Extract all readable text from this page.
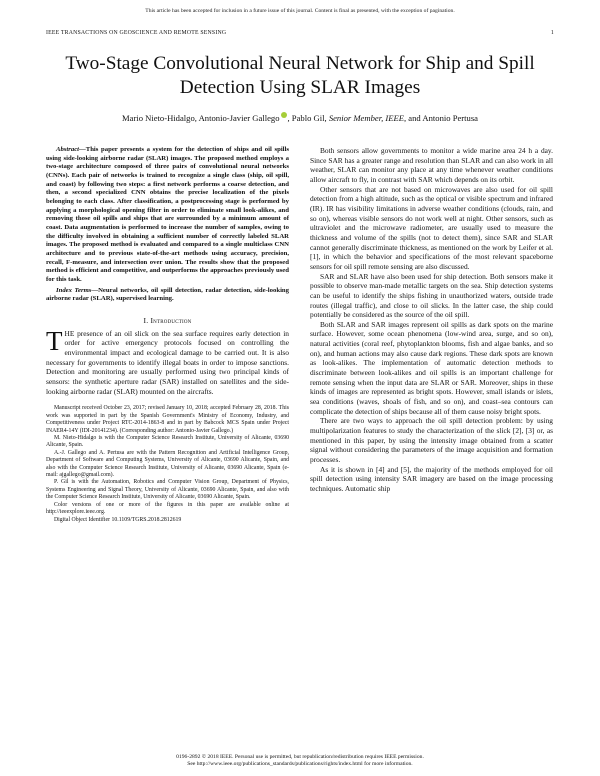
This article has been accepted for inclusion in a future issue of this journal. Content is final as presented, with the exception of pagination.
IEEE TRANSACTIONS ON GEOSCIENCE AND REMOTE SENSING	1
Two-Stage Convolutional Neural Network for Ship and Spill Detection Using SLAR Images
Mario Nieto-Hidalgo, Antonio-Javier Gallego , Pablo Gil, Senior Member, IEEE, and Antonio Pertusa

Abstract—This paper presents a system for the detection of ships and oil spills using side-looking airborne radar (SLAR) images. The proposed method employs a two-stage architecture composed of three pairs of convolutional neural networks (CNNs). Each pair of networks is trained to recognize a single class (ship, oil spill, and coast) by following two steps: a first network performs a coarse detection, and then, a second specialized CNN obtains the precise localization of the pixels belonging to each class. After classification, a postprocessing stage is performed by applying a morphological opening filter in order to eliminate small look-alikes, and removing those oil spills and ships that are surrounded by a minimum amount of coast. Data augmentation is performed to increase the number of samples, owing to the difficulty involved in obtaining a sufficient number of correctly labeled SLAR images. The proposed method is evaluated and compared to a single multiclass CNN architecture and to previous state-of-the-art methods using accuracy, precision, recall, F-measure, and intersection over union. The results show that the proposed method is efficient and competitive, and outperforms the approaches previously used for this task.

Index Terms—Neural networks, oil spill detection, radar detection, side-looking airborne radar (SLAR), supervised learning.

I. Introduction

THE presence of an oil slick on the sea surface requires early detection in order for active emergency protocols focused on controlling the environmental impact and ecological damage to be carried out. It is also necessary for governments to identify illegal boats in order to impose sanctions. Detection and monitoring are usually performed using two principal kinds of sensors: the synthetic aperture radar (SAR) installed on satellites and the side-looking airborne radar (SLAR) mounted on the aircrafts.

Manuscript received October 23, 2017; revised January 10, 2018; accepted February 28, 2018. This work was supported in part by the Spanish Government's Ministry of Economy, Industry, and Competitiveness under Project RTC-2014-1863-8 and in part by Babcock MCS Spain under Project INAER4-14Y (IDI-20141234). (Corresponding author: Antonio-Javier Gallego.)

M. Nieto-Hidalgo is with the Computer Science Research Institute, University of Alicante, 03690 Alicante, Spain.

A.-J. Gallego and A. Pertusa are with the Pattern Recognition and Artificial Intelligence Group, Department of Software and Computing Systems, University of Alicante, 03690 Alicante, Spain, and also with the Computer Science Research Institute, University of Alicante, 03690 Alicante, Spain (e-mail: ajgallego@gmail.com).

P. Gil is with the Automation, Robotics and Computer Vision Group, Department of Physics, Systems Engineering and Signal Theory, University of Alicante, 03690 Alicante, Spain, and also with the Computer Science Research Institute, University of Alicante, 03690 Alicante, Spain.

Color versions of one or more of the figures in this paper are available online at http://ieeexplore.ieee.org.

Digital Object Identifier 10.1109/TGRS.2018.2812619

Both sensors allow governments to monitor a wide marine area 24 h a day. Since SAR has a greater range and resolution than SLAR and can also work in all weather, SLAR can monitor any place at any time whenever weather conditions allow aircraft to fly, in contrast with SAR which depends on its orbit.

Other sensors that are not based on microwaves are also used for oil spill detection from a high altitude, such as the optical or visible spectrum and infrared (IR). IR has visibility limitations in adverse weather conditions (clouds, rain, and so on), whereas visible sensors do not work well at night. Other sensors, such as ultraviolet and the microwave radiometer, are usually used to measure the thickness and volume of the spills (not to detect them), since SAR and SLAR cannot generally discriminate thickness, as mentioned on the work by Leifer et al. [1], in which the behavior and specifications of the most relevant spaceborne sensors for oil spill remote sensing are also discussed.

SAR and SLAR have also been used for ship detection. Both sensors make it possible to observe man-made metallic targets on the sea. Ship detection systems can be useful to identify the ships fishing in unauthorized waters, outside trade routes (illegal traffic), and close to oil slicks. In the latter case, the ship could potentially be considered as the source of the oil spill.

Both SLAR and SAR images represent oil spills as dark spots on the marine surface. However, some ocean phenomena (low-wind area, surge, and so on), natural activities (coral reef, phytoplankton blooms, fish and algae banks, and so on), and human actions may also cause dark regions. These dark spots are known as look-alikes. The implementation of automatic detection methods to discriminate between look-alikes and oil spills is an important challenge for remote sensing when the input data are SLAR or SAR. Moreover, ships in these kinds of images are represented as bright spots. However, small islands or islets, sea conditions (waves, shoals of fish, and so on), and coast–sea contours can complicate the detection of ships because all of them cause noisy bright spots.

There are two ways to approach the oil spill detection problem: by using multipolarization features to study the characterization of the slick [2], [3] or, as mentioned in this paper, by using the intensity image obtained from a scatter signal without considering the parameters of the image acquisition and formation processes.

As it is shown in [4] and [5], the majority of the methods employed for oil spill detection using intensity SAR imagery are based on the image processing techniques. Automatic ship

0196-2892 © 2018 IEEE. Personal use is permitted, but republication/redistribution requires IEEE permission.
See http://www.ieee.org/publications_standards/publications/rights/index.html for more information.
